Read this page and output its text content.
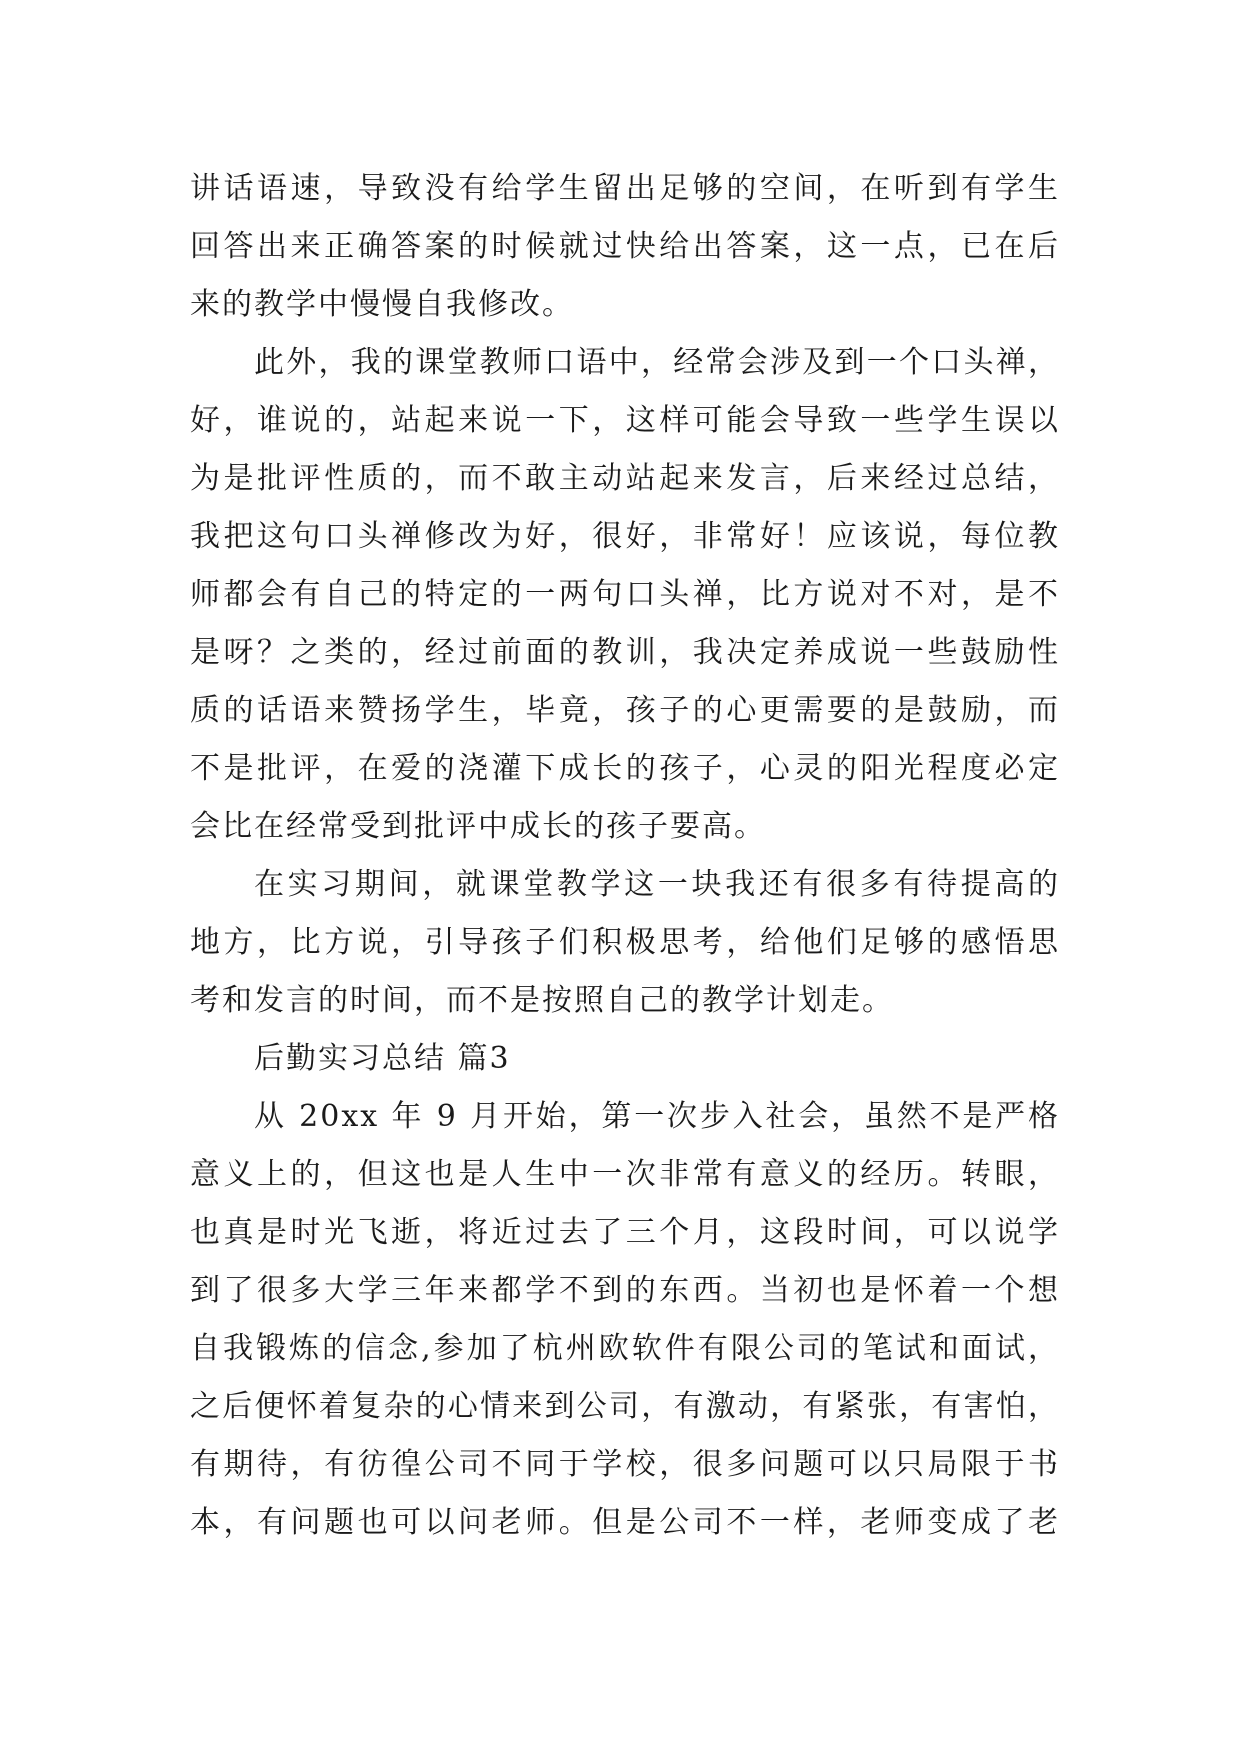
讲话语速，导致没有给学生留出足够的空间，在听到有学生
回答出来正确答案的时候就过快给出答案，这一点，已在后
来的教学中慢慢自我修改。
此外，我的课堂教师口语中，经常会涉及到一个口头禅，
好，谁说的，站起来说一下，这样可能会导致一些学生误以
为是批评性质的，而不敢主动站起来发言，后来经过总结，
我把这句口头禅修改为好，很好，非常好！应该说，每位教
师都会有自己的特定的一两句口头禅，比方说对不对，是不
是呀？之类的，经过前面的教训，我决定养成说一些鼓励性
质的话语来赞扬学生，毕竟，孩子的心更需要的是鼓励，而
不是批评，在爱的浇灌下成长的孩子，心灵的阳光程度必定
会比在经常受到批评中成长的孩子要高。
在实习期间，就课堂教学这一块我还有很多有待提高的
地方，比方说，引导孩子们积极思考，给他们足够的感悟思
考和发言的时间，而不是按照自己的教学计划走。
后勤实习总结 篇3
从 20xx 年 9 月开始，第一次步入社会，虽然不是严格
意义上的，但这也是人生中一次非常有意义的经历。转眼，
也真是时光飞逝，将近过去了三个月，这段时间，可以说学
到了很多大学三年来都学不到的东西。当初也是怀着一个想
自我锻炼的信念,参加了杭州欧软件有限公司的笔试和面试，
之后便怀着复杂的心情来到公司，有激动，有紧张，有害怕，
有期待，有彷徨公司不同于学校，很多问题可以只局限于书
本，有问题也可以问老师。但是公司不一样，老师变成了老
